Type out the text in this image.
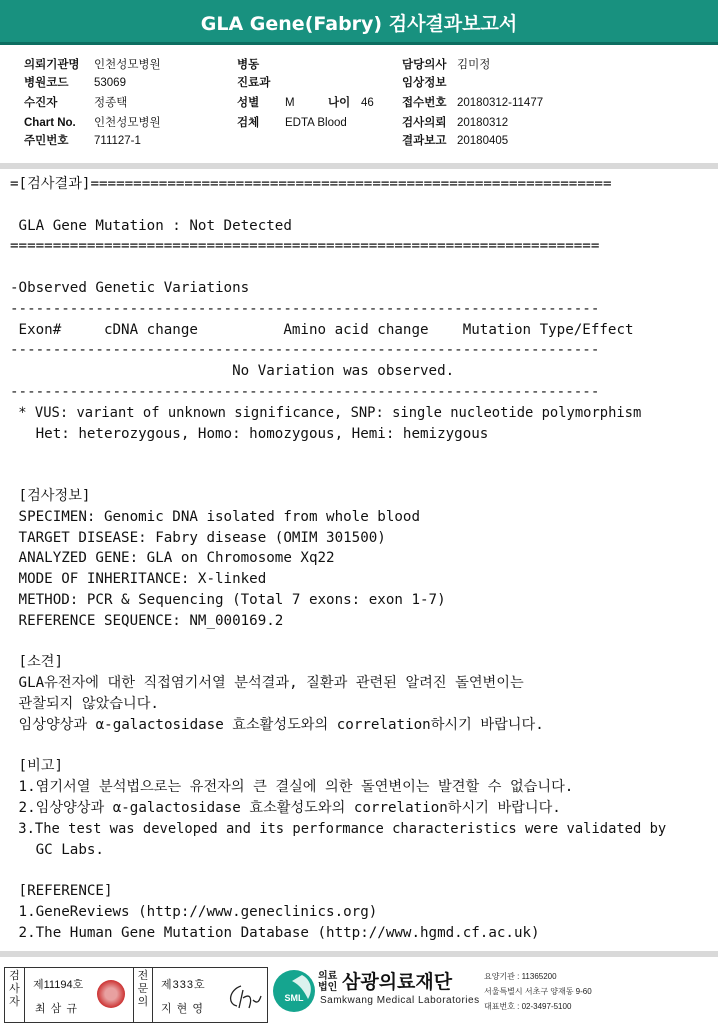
GLA Gene(Fabry) 검사결과보고서
의뢰기관명 인천성모병원
병원코드 53069
수진자	정종택
Chart No. 인천성모병원
주민번호 711127-1
병동
진료과
성별 M
검체 EDTA Blood
나이 46
담당의사 김미정
임상정보
접수번호 20180312-11477
검사의뢰 20180312
결과보고 20180405
=[검사결과]=============================================================
GLA Gene Mutation : Not Detected
=====================================================================
-Observed Genetic Variations
---------------------------------------------------------------------
Exon#     cDNA change          Amino acid change    Mutation Type/Effect
---------------------------------------------------------------------
No Variation was observed.
---------------------------------------------------------------------
* VUS: variant of unknown significance, SNP: single nucleotide polymorphism
Het: heterozygous, Homo: homozygous, Hemi: hemizygous
[검사정보]
SPECIMEN: Genomic DNA isolated from whole blood
TARGET DISEASE: Fabry disease (OMIM 301500)
ANALYZED GENE: GLA on Chromosome Xq22
MODE OF INHERITANCE: X-linked
METHOD: PCR & Sequencing (Total 7 exons: exon 1-7)
REFERENCE SEQUENCE: NM_000169.2
[소견]
GLA유전자에 대한 직접염기서열 분석결과, 질환과 관련된 알려진 돌연변이는
관찰되지 않았습니다.
임상양상과 α-galactosidase 효소활성도와의 correlation하시기 바랍니다.
[비고]
1.염기서열 분석법으로는 유전자의 큰 결실에 의한 돌연변이는 발견할 수 없습니다.
2.임상양상과 α-galactosidase 효소활성도와의 correlation하시기 바랍니다.
3.The test was developed and its performance characteristics were validated by
GC Labs.
[REFERENCE]
1.GeneReviews (http://www.geneclinics.org)
2.The Human Gene Mutation Database (http://www.hgmd.cf.ac.uk)
검사자
제11194호
최 삼 규
전문의
제333호
지 현 영
SML
의료
법인 삼광의료재단
Samkwang Medical Laboratories
요양기관 : 11365200
서울특별시 서초구 양재동 9-60
대표번호 : 02-3497-5100
